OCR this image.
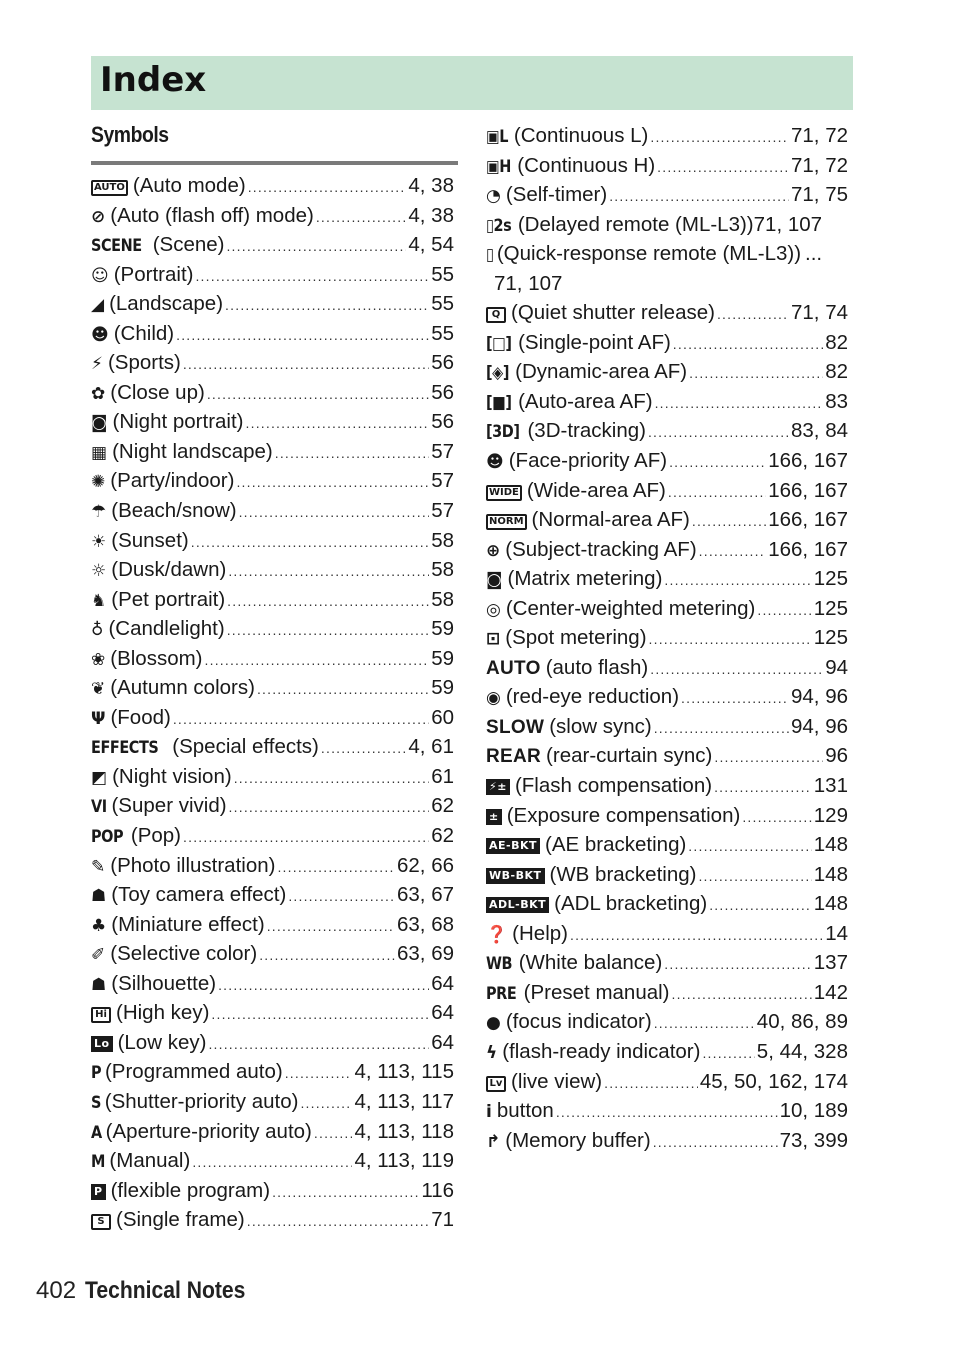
Index
Symbols
AUTO (Auto mode) .....	4, 38
⊘ (Auto (flash off) mode) .....	4, 38
SCENE (Scene) .....	4, 54
☺ (Portrait) .....	55
◢ (Landscape) .....	55
☻ (Child) .....	55
⚡ (Sports) .....	56
✿ (Close up) .....	56
◙ (Night portrait) .....	56
▦ (Night landscape) .....	57
✺ (Party/indoor) .....	57
☂ (Beach/snow) .....	57
☀ (Sunset) .....	58
☼ (Dusk/dawn) .....	58
♞ (Pet portrait) .....	58
♁ (Candlelight) .....	59
❀ (Blossom) .....	59
❦ (Autumn colors) .....	59
Ψ (Food) .....	60
EFFECTS (Special effects) .....	4, 61
◩ (Night vision) .....	61
VI (Super vivid) .....	62
POP (Pop) .....	62
✎ (Photo illustration) .....	62, 66
☗ (Toy camera effect) .....	63, 67
♣ (Miniature effect) .....	63, 68
✐ (Selective color) .....	63, 69
☗ (Silhouette) .....	64
Hi (High key) .....	64
Lo (Low key) .....	64
P (Programmed auto) .....	4, 113, 115
S (Shutter-priority auto) .....	4, 113, 117
A (Aperture-priority auto) ..... 4, 113, 118
M (Manual) .....	4, 113, 119
P (flexible program) .....	116
S (Single frame) .....	71
▣L (Continuous L) .....	71, 72
▣H (Continuous H) .....	71, 72
◔ (Self-timer) .....	71, 75
▯2s (Delayed remote (ML-L3)) 71, 107
▯ (Quick-response remote (ML-L3)) ...
71, 107
Q (Quiet shutter release) .....	71, 74
[□] (Single-point AF) .....	82
[◈] (Dynamic-area AF) .....	82
[■] (Auto-area AF) .....	83
[3D] (3D-tracking) .....	83, 84
☻ (Face-priority AF) .....	166, 167
WIDE (Wide-area AF) .....	166, 167
NORM (Normal-area AF) .....	166, 167
⊕ (Subject-tracking AF) .....	166, 167
◙ (Matrix metering) .....	125
◎ (Center-weighted metering) .....	125
⊡ (Spot metering) .....	125
AUTO (auto flash) .....	94
◉ (red-eye reduction) .....	94, 96
SLOW (slow sync) .....	94, 96
REAR (rear-curtain sync) .....	96
⚡± (Flash compensation) .....	131
± (Exposure compensation) .....	129
AE-BKT (AE bracketing) .....	148
WB-BKT (WB bracketing) .....	148
ADL-BKT (ADL bracketing) .....	148
❓ (Help) .....	14
WB (White balance) .....	137
PRE (Preset manual) .....	142
● (focus indicator) .....	40, 86, 89
ϟ (flash-ready indicator) .....	5, 44, 328
Lv (live view) .....	45, 50, 162, 174
i button .....	10, 189
↱ (Memory buffer) .....	73, 399
402 Technical Notes
